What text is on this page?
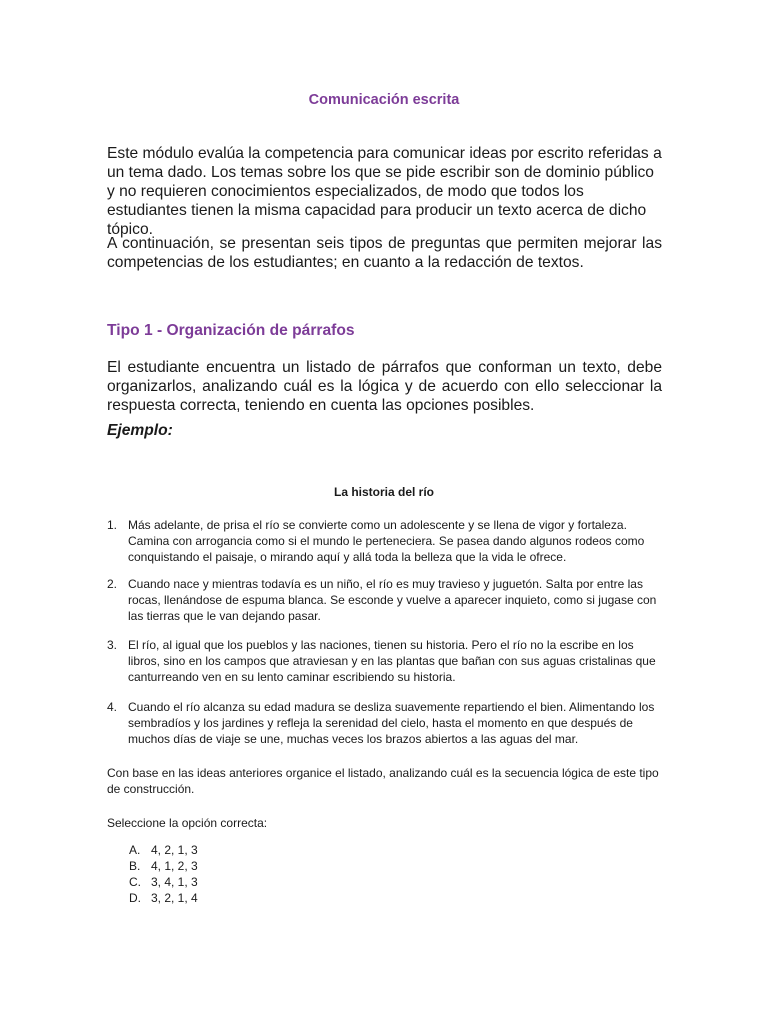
Comunicación escrita
Este módulo evalúa la competencia para comunicar ideas por escrito referidas a un tema dado. Los temas sobre los que se pide escribir son de dominio público y no requieren conocimientos especializados, de modo que todos los estudiantes tienen la misma capacidad para producir un texto acerca de dicho tópico.
A continuación, se presentan seis tipos de preguntas que permiten mejorar las competencias de los estudiantes; en cuanto a la redacción de textos.
Tipo 1 - Organización de párrafos
El estudiante encuentra un listado de párrafos que conforman un texto, debe organizarlos, analizando cuál es la lógica y de acuerdo con ello seleccionar la respuesta correcta, teniendo en cuenta las opciones posibles.
Ejemplo:
La historia del río
1. Más adelante, de prisa el río se convierte como un adolescente y se llena de vigor y fortaleza. Camina con arrogancia como si el mundo le perteneciera. Se pasea dando algunos rodeos como conquistando el paisaje, o mirando aquí y allá toda la belleza que la vida le ofrece.
2. Cuando nace y mientras todavía es un niño, el río es muy travieso y juguetón. Salta por entre las rocas, llenándose de espuma blanca. Se esconde y vuelve a aparecer inquieto, como si jugase con las tierras que le van dejando pasar.
3. El río, al igual que los pueblos y las naciones, tienen su historia. Pero el río no la escribe en los libros, sino en los campos que atraviesan y en las plantas que bañan con sus aguas cristalinas que canturreando ven en su lento caminar escribiendo su historia.
4. Cuando el río alcanza su edad madura se desliza suavemente repartiendo el bien. Alimentando los sembradíos y los jardines y refleja la serenidad del cielo, hasta el momento en que después de muchos días de viaje se une, muchas veces los brazos abiertos a las aguas del mar.
Con base en las ideas anteriores organice el listado, analizando cuál es la secuencia lógica de este tipo de construcción.
Seleccione la opción correcta:
A. 4, 2, 1, 3
B. 4, 1, 2, 3
C. 3, 4, 1, 3
D. 3, 2, 1, 4
